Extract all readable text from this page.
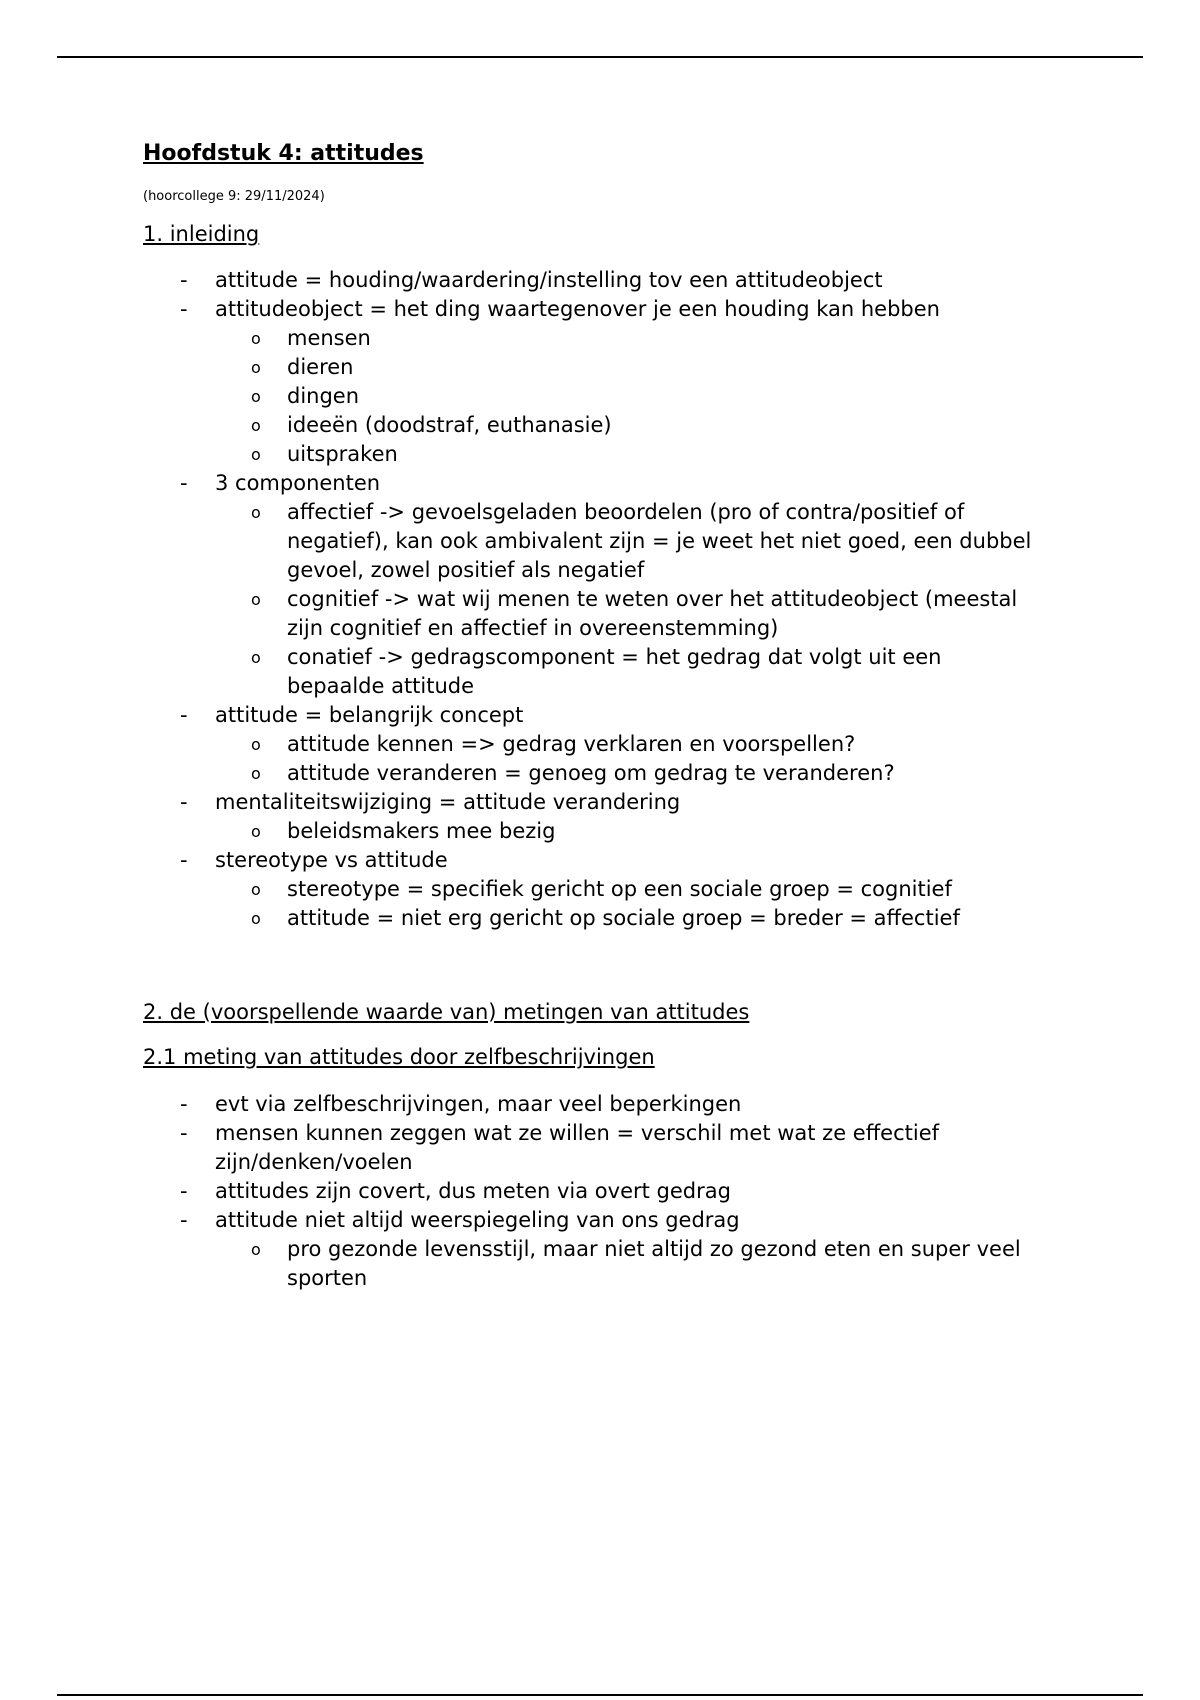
Hoofdstuk 4: attitudes
(hoorcollege 9: 29/11/2024)
1. inleiding
- attitude = houding/waardering/instelling tov een attitudeobject
- attitudeobject = het ding waartegenover je een houding kan hebben
o mensen
o dieren
o dingen
o ideeën (doodstraf, euthanasie)
o uitspraken
- 3 componenten
o affectief -> gevoelsgeladen beoordelen (pro of contra/positief of negatief), kan ook ambivalent zijn = je weet het niet goed, een dubbel gevoel, zowel positief als negatief
o cognitief -> wat wij menen te weten over het attitudeobject (meestal zijn cognitief en affectief in overeenstemming)
o conatief -> gedragscomponent = het gedrag dat volgt uit een bepaalde attitude
- attitude = belangrijk concept
o attitude kennen => gedrag verklaren en voorspellen?
o attitude veranderen = genoeg om gedrag te veranderen?
- mentaliteitswijziging = attitude verandering
o beleidsmakers mee bezig
- stereotype vs attitude
o stereotype = specifiek gericht op een sociale groep = cognitief
o attitude = niet erg gericht op sociale groep = breder = affectief
2. de (voorspellende waarde van) metingen van attitudes
2.1 meting van attitudes door zelfbeschrijvingen
- evt via zelfbeschrijvingen, maar veel beperkingen
- mensen kunnen zeggen wat ze willen = verschil met wat ze effectief zijn/denken/voelen
- attitudes zijn covert, dus meten via overt gedrag
- attitude niet altijd weerspiegeling van ons gedrag
o pro gezonde levensstijl, maar niet altijd zo gezond eten en super veel sporten
